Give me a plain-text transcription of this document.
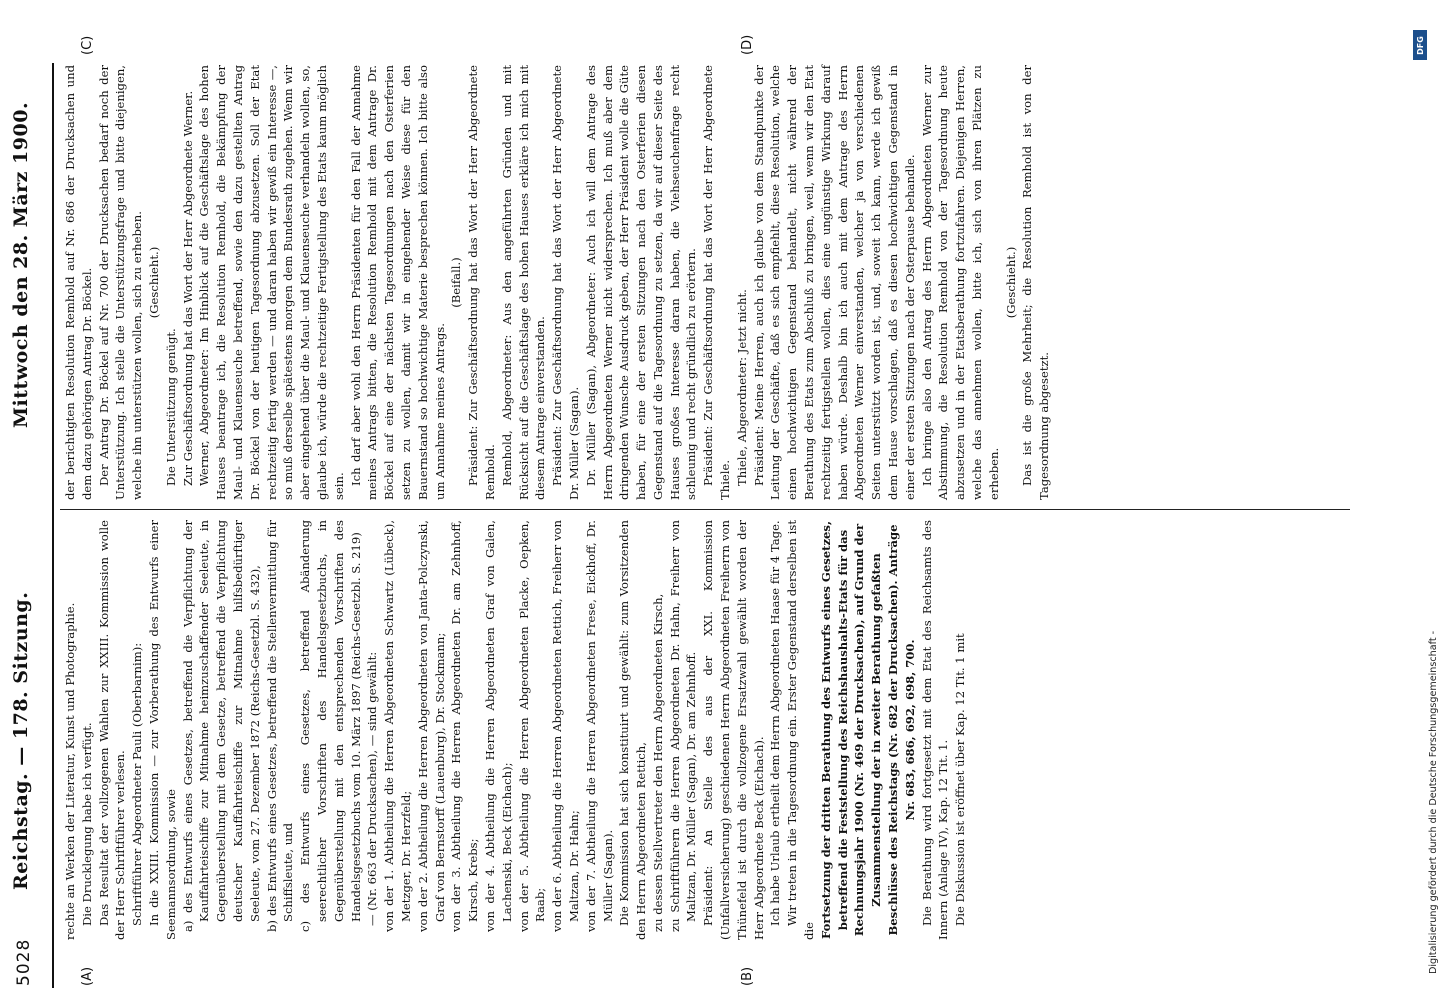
5028
Reichstag. — 178. Sitzung.
Mittwoch den 28. März 1900.
(A)	(B)
(C)	(D)

rechte an Werken der Literatur, Kunst und Photographie. Die Drucklegung habe ich verfügt. Das Resultat der vollzogenen Wahlen zur XXIII. Kommission wolle der Herr Schriftführer verlesen. Schriftführer Abgeordneter Pauli (Oberbarnim): In die XXIII. Kommission — zur Vorberathung des Entwurfs einer Seemannsordnung, sowie a) des Entwurfs eines Gesetzes, betreffend die Verpflichtung der Kauffahrteischiffe zur Mitnahme heimzuschaffender Seeleute, in Gegenüberstellung mit dem Gesetze, betreffend die Verpflichtung deutscher Kauffahrteischiffe zur Mitnahme hilfsbedürftiger Seeleute, vom 27. Dezember 1872 (Reichs-Gesetzbl. S. 432), b) des Entwurfs eines Gesetzes, betreffend die Stellenvermittlung für Schiffsleute, und c) des Entwurfs eines Gesetzes, betreffend Abänderung seerechtlicher Vorschriften des Handelsgesetzbuchs, in Gegenüberstellung mit den entsprechenden Vorschriften des Handelsgesetzbuchs vom 10. März 1897 (Reichs-Gesetzbl. S. 219) — (Nr. 663 der Drucksachen), — sind gewählt: von der 1. Abtheilung die Herren Abgeordneten Schwartz (Lübeck), Metzger, Dr. Herzfeld; von der 2. Abtheilung die Herren Abgeordneten von Janta-Polczynski, Graf von Bernstorff (Lauenburg), Dr. Stockmann; von der 3. Abtheilung die Herren Abgeordneten Dr. am Zehnhoff, Kirsch, Krebs; von der 4. Abtheilung die Herren Abgeordneten Graf von Galen, Lachenski, Beck (Eichach); von der 5. Abtheilung die Herren Abgeordneten Placke, Oepken, Raab; von der 6. Abtheilung die Herren Abgeordneten Rettich, Freiherr von Maltzan, Dr. Hahn; von der 7. Abtheilung die Herren Abgeordneten Frese, Eickhoff, Dr. Müller (Sagan). Die Kommission hat sich konstituirt und gewählt: zum Vorsitzenden den Herrn Abgeordneten Rettich, zu dessen Stellvertreter den Herrn Abgeordneten Kirsch, zu Schriftführern die Herren Abgeordneten Dr. Hahn, Freiherr von Maltzan, Dr. Müller (Sagan), Dr. am Zehnhoff. Präsident: An Stelle des aus der XXI. Kommission (Unfallversicherung) geschiedenen Herrn Abgeordneten Freiherrn von Thünefeld ist durch die vollzogene Ersatzwahl gewählt worden der Herr Abgeordnete Beck (Eichach). Ich habe Urlaub ertheilt dem Herrn Abgeordneten Haase für 4 Tage. Wir treten in die Tagesordnung ein. Erster Gegenstand derselben ist die Fortsetzung der dritten Berathung des Entwurfs eines Gesetzes, betreffend die Feststellung des Reichshaushalts-Etats für das Rechnungsjahr 1900 (Nr. 469 der Drucksachen), auf Grund der Zusammenstellung der in zweiter Berathung gefaßten Beschlüsse des Reichstags (Nr. 682 der Drucksachen). Anträge Nr. 683, 686, 692, 698, 700. Die Berathung wird fortgesetzt mit dem Etat des Reichsamts des Innern (Anlage IV), Kap. 12 Tit. 1. Die Diskussion ist eröffnet über Kap. 12 Tit. 1 mit

der berichtigten Resolution Remhold auf Nr. 686 der Drucksachen und dem dazu gehörigen Antrag Dr. Böckel. Der Antrag Dr. Böckel auf Nr. 700 der Drucksachen bedarf noch der Unterstützung. Ich stelle die Unterstützungsfrage und bitte diejenigen, welche ihn unterstützen wollen, sich zu erheben. (Geschieht.)

Die Unterstützung genügt. Zur Geschäftsordnung hat das Wort der Herr Abgeordnete Werner. Werner, Abgeordneter: Im Hinblick auf die Geschäftslage des hohen Hauses beantrage ich, die Resolution Remhold, die Bekämpfung der Maul- und Klauenseuche betreffend, sowie den dazu gestellten Antrag Dr. Böckel von der heutigen Tagesordnung abzusetzen. Soll der Etat rechtzeitig fertig werden — und daran haben wir gewiß ein Interesse —, so muß derselbe spätestens morgen dem Bundesrath zugehen. Wenn wir aber eingehend über die Maul- und Klauenseuche verhandeln wollen, so, glaube ich, würde die rechtzeitige Fertigstellung des Etats kaum möglich sein.

Ich darf aber wohl den Herrn Präsidenten für den Fall der Annahme meines Antrags bitten, die Resolution Remhold mit dem Antrage Dr. Böckel auf eine der nächsten Tagesordnungen nach den Osterferien setzen zu wollen, damit wir in eingehender Weise diese für den Bauernstand so hochwichtige Materie besprechen können. Ich bitte also um Annahme meines Antrags.

(Beifall.) Präsident: Zur Geschäftsordnung hat das Wort der Herr Abgeordnete Remhold. Remhold, Abgeordneter: Aus den angeführten Gründen und mit Rücksicht auf die Geschäftslage des hohen Hauses erkläre ich mich mit diesem Antrage einverstanden. Präsident: Zur Geschäftsordnung hat das Wort der Herr Abgeordnete Dr. Müller (Sagan). Dr. Müller (Sagan), Abgeordneter: Auch ich will dem Antrage des Herrn Abgeordneten Werner nicht widersprechen. Ich muß aber dem dringenden Wunsche Ausdruck geben, der Herr Präsident wolle die Güte haben, für eine der ersten Sitzungen nach den Osterferien diesen Gegenstand auf die Tagesordnung zu setzen, da wir auf dieser Seite des Hauses großes Interesse daran haben, die Viehseuchenfrage recht schleunig und recht gründlich zu erörtern. Präsident: Zur Geschäftsordnung hat das Wort der Herr Abgeordnete Thiele. Thiele, Abgeordneter: Jetzt nicht. Präsident: Meine Herren, auch ich glaube von dem Standpunkte der Leitung der Geschäfte, daß es sich empfiehlt, diese Resolution, welche einen hochwichtigen Gegenstand behandelt, nicht während der Berathung des Etats zum Abschluß zu bringen, weil, wenn wir den Etat rechtzeitig fertigstellen wollen, dies eine ungünstige Wirkung darauf haben würde. Deshalb bin ich auch mit dem Antrage des Herrn Abgeordneten Werner einverstanden, welcher ja von verschiedenen Seiten unterstützt worden ist, und, soweit ich kann, werde ich gewiß dem Hause vorschlagen, daß es diesen hochwichtigen Gegenstand in einer der ersten Sitzungen nach der Osterpause behandle. Ich bringe also den Antrag des Herrn Abgeordneten Werner zur Abstimmung, die Resolution Remhold von der Tagesordnung heute abzusetzen und in der Etatsberathung fortzufahren. Diejenigen Herren, welche das annehmen wollen, bitte ich, sich von ihren Plätzen zu erheben.

(Geschieht.) Das ist die große Mehrheit; die Resolution Remhold ist von der Tagesordnung abgesetzt.

DFG
Digitalisierung gefördert durch die Deutsche Forschungsgemeinschaft -
